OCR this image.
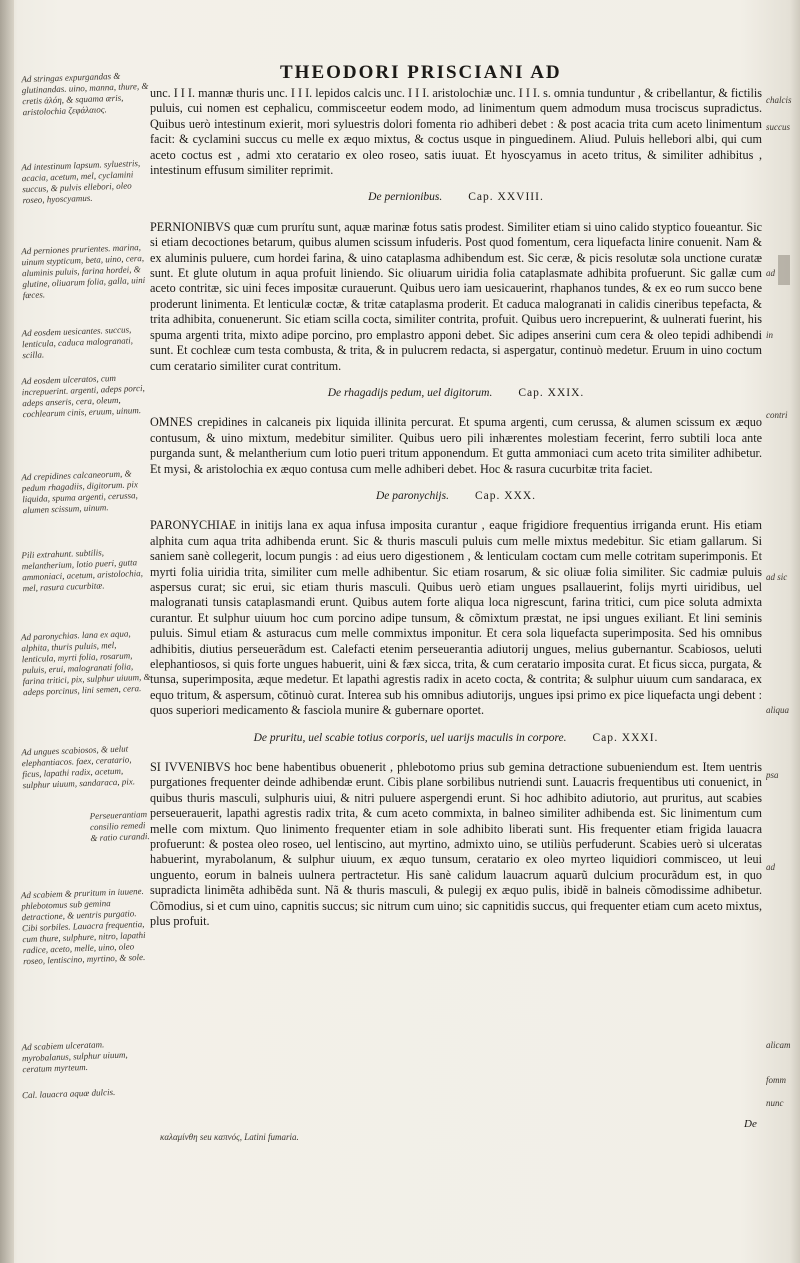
THEODORI PRISCIANI AD

unc. I I I. mannæ thuris unc. I I I. lepidos calcis unc. I I I. aristolochiæ unc. I I I. s. omnia tunduntur , & cribellantur, & fictilis puluis, cui nomen est cephalicu, commisceetur eodem modo, ad linimentum quem admodum musa trociscus supradictus. Quibus uerò intestinum exierit, mori syluestris dolori fomenta rio adhiberi debet : & post acacia trita cum aceto linimentum facit: & cyclamini succus cu melle ex æquo mixtus, & coctus usque in pinguedinem. Aliud. Puluis hellebori albi, qui cum aceto coctus est , admi xto ceratario ex oleo roseo, satis iuuat. Et hyoscyamus in aceto tritus, & similiter adhibitus , intestinum effusum similiter reprimit.

De pernionibus. Cap. XXVIII.

PERNIONIBVS quæ cum prurítu sunt, aquæ marinæ fotus satis prodest. Similiter etiam si uino calido styptico foueantur. Sic si etiam decoctiones betarum, quibus alumen scissum infuderis. Post quod fomentum, cera liquefacta linire conuenit. Nam & ex aluminis puluere, cum hordei farina, & uino cataplasma adhibendum est. Sic ceræ, & picis resolutæ sola unctione curatæ sunt. Et glute olutum in aqua profuit liniendo. Sic oliuarum uiridia folia cataplasmate adhibita profuerunt. Sic gallæ cum aceto contritæ, sic uini feces impositæ curauerunt. Quibus uero iam uesicauerint, rhaphanos tundes, & ex eo rum succo bene proderunt linimenta. Et lenticulæ coctæ, & tritæ cataplasma proderit. Et caduca malogranati in calidis cineribus tepefacta, & trita adhibita, conuenerunt. Sic etiam scilla cocta, similiter contrita, profuit. Quibus uero increpuerint, & uulnerati fuerint, his spuma argenti trita, mixto adipe porcino, pro emplastro apponi debet. Sic adipes anserini cum cera & oleo tepidi adhibendi sunt. Et cochleæ cum testa combusta, & trita, & in pulucrem redacta, si aspergatur, continuò medetur. Eruum in uino coctum cum ceratario similiter curat contritum.

De rhagadijs pedum, uel digitorum. Cap. XXIX.

OMNES crepidines in calcaneis pix liquida illinita percurat. Et spuma argenti, cum cerussa, & alumen scissum ex æquo contusum, & uino mixtum, medebitur similiter. Quibus uero pili inhærentes molestiam fecerint, ferro subtili loca ante purganda sunt, & melantherium cum lotio pueri tritum apponendum. Et gutta ammoniaci cum aceto trita similiter adhibetur. Et mysi, & aristolochia ex æquo contusa cum melle adhiberi debet. Hoc & rasura cucurbitæ trita faciet.

De paronychijs. Cap. XXX.

PARONYCHIAE in initijs lana ex aqua infusa imposita curantur , eaque frigidiore frequentius irriganda erunt. His etiam alphita cum aqua trita adhibenda erunt. Sic & thuris masculi puluis cum melle mixtus medebitur. Sic etiam gallarum. Si saniem sanè collegerit, locum pungis : ad eius uero digestionem , & lenticulam coctam cum melle cotritam superimponis. Et myrti folia uiridia trita, similiter cum melle adhibentur. Sic etiam rosarum, & sic oliuæ folia similiter. Sic cadmiæ puluis aspersus curat; sic erui, sic etiam thuris masculi. Quibus uerò etiam ungues psallauerint, folijs myrti uiridibus, uel malogranati tunsis cataplasmandi erunt. Quibus autem forte aliqua loca nigrescunt, farina tritici, cum pice soluta admixta curantur. Et sulphur uiuum hoc cum porcino adipe tunsum, & cõmixtum præstat, ne ipsi ungues exiliant. Et lini seminis puluis. Simul etiam & asturacus cum melle commixtus imponitur. Et cera sola liquefacta superimposita. Sed his omnibus adhibitis, diutius perseuerãdum est. Calefacti etenim perseuerantia adiutorij ungues, melius gubernantur. Scabiosos, ueluti elephantiosos, si quis forte ungues habuerit, uini & fæx sicca, trita, & cum ceratario imposita curat. Et ficus sicca, purgata, & tunsa, superimposita, æque medetur. Et lapathi agrestis radix in aceto cocta, & contrita; & sulphur uiuum cum sandaraca, ex equo tritum, & aspersum, cõtinuò curat. Interea sub his omnibus adiutorijs, ungues ipsi primo ex pice liquefacta ungi debent : quos superiori medicamento & fasciola munire & gubernare oportet.

De pruritu, uel scabie totius corporis, uel uarijs maculis in corpore. Cap. XXXI.

SI IVVENIBVS hoc bene habentibus obuenerit , phlebotomo prius sub gemina detractione subueniendum est. Item uentris purgationes frequenter deinde adhibendæ erunt. Cibis plane sorbilibus nutriendi sunt. Lauacris frequentibus uti conuenict, in quibus thuris masculi, sulphuris uiui, & nitri puluere aspergendi erunt. Si hoc adhibito adiutorio, aut pruritus, aut scabies perseuerauerit, lapathi agrestis radix trita, & cum aceto commixta, in balneo similiter adhibenda est. Sic linimentum cum melle com mixtum. Quo linimento frequenter etiam in sole adhibito liberati sunt. His frequenter etiam frigida lauacra profuerunt: & postea oleo roseo, uel lentiscino, aut myrtino, admixto uino, se utiliùs perfuderunt. Scabies uerò si ulceratas habuerint, myrabolanum, & sulphur uiuum, ex æquo tunsum, ceratario ex oleo myrteo liquidiori commisceo, ut leui unguento, eorum in balneis uulnera pertractetur. His sanè calidum lauacrum aquarũ dulcium procurãdum est, in quo supradicta linimẽta adhibẽda sunt. Nã & thuris masculi, & pulegij ex æquo pulis, ibidẽ in balneis cõmodissime adhibetur. Cõmodius, si et cum uino, capnitis succus; sic nitrum cum uino; sic capnitidis succus, qui frequenter etiam cum aceto mixtus, plus profuit.

Ad stringas expurgandas & glutinandas. uino, manna, thure, & cretis ἀλόη, & squama æris, aristolochia ζεφάλαιος.
Ad intestinum lapsum. syluestris, acacia, acetum, mel, cyclamini succus, & pulvis ellebori, oleo roseo, hyoscyamus.
Ad perniones prurientes. marina, uinum stypticum, beta, uino, cera, aluminis puluis, farina hordei, & glutine, oliuarum folia, galla, uini fæces.
Ad eosdem uesicantes. succus, lenticula, caduca malogranati, scilla.
Ad eosdem ulceratos, cum increpuerint. argenti, adeps porci, adeps anseris, cera, oleum, cochlearum cinis, eruum, uinum.
Ad crepidines calcaneorum, & pedum rhagadiis, digitorum. pix liquida, spuma argenti, cerussa, alumen scissum, uinum.
Pili extrahunt. subtilis, melantherium, lotio pueri, gutta ammoniaci, acetum, aristolochia, mel, rasura cucurbitæ.
Ad paronychias. lana ex aqua, alphita, thuris puluis, mel, lenticula, myrti folia, rosarum, puluis, erui, malogranati folia, farina tritici, pix, sulphur uiuum, & adeps porcinus, lini semen, cera.
Ad ungues scabiosos, & uelut elephantiacos. faex, ceratario, ficus, lapathi radix, acetum, sulphur uiuum, sandaraca, pix.
Perseuerantiam consilio remedi & ratio curandi.
Ad scabiem & pruritum in iuuene. phlebotomus sub gemina detractione, & uentris purgatio. Cibi sorbiles. Lauacra frequentia, cum thure, sulphure, nitro, lapathi radice, aceto, melle, uino, oleo roseo, lentiscino, myrtino, & sole.
Ad scabiem ulceratam. myrobalanus, sulphur uiuum, ceratum myrteum.
Cal. lauacra aquæ dulcis.
chalcis
succus
ad
in
contri
ad sic
aliqua
psa
ad
alicam
fomm
nunc
καλαμίνθη seu καπνός, Latini fumaria.
De
